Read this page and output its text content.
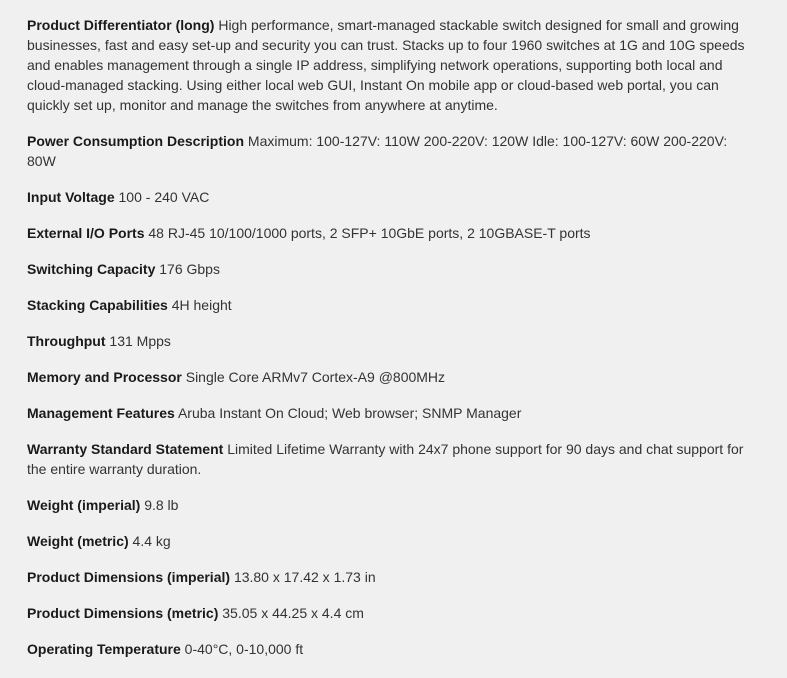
Product Differentiator (long) High performance, smart-managed stackable switch designed for small and growing businesses, fast and easy set-up and security you can trust. Stacks up to four 1960 switches at 1G and 10G speeds and enables management through a single IP address, simplifying network operations, supporting both local and cloud-managed stacking. Using either local web GUI, Instant On mobile app or cloud-based web portal, you can quickly set up, monitor and manage the switches from anywhere at anytime.

Power Consumption Description Maximum: 100-127V: 110W 200-220V: 120W Idle: 100-127V: 60W 200-220V: 80W

Input Voltage 100 - 240 VAC

External I/O Ports 48 RJ-45 10/100/1000 ports, 2 SFP+ 10GbE ports, 2 10GBASE-T ports

Switching Capacity 176 Gbps

Stacking Capabilities 4H height

Throughput 131 Mpps

Memory and Processor Single Core ARMv7 Cortex-A9 @800MHz

Management Features Aruba Instant On Cloud; Web browser; SNMP Manager

Warranty Standard Statement Limited Lifetime Warranty with 24x7 phone support for 90 days and chat support for the entire warranty duration.

Weight (imperial) 9.8 lb

Weight (metric) 4.4 kg

Product Dimensions (imperial) 13.80 x 17.42 x 1.73 in

Product Dimensions (metric) 35.05 x 44.25 x 4.4 cm

Operating Temperature 0-40°C, 0-10,000 ft
